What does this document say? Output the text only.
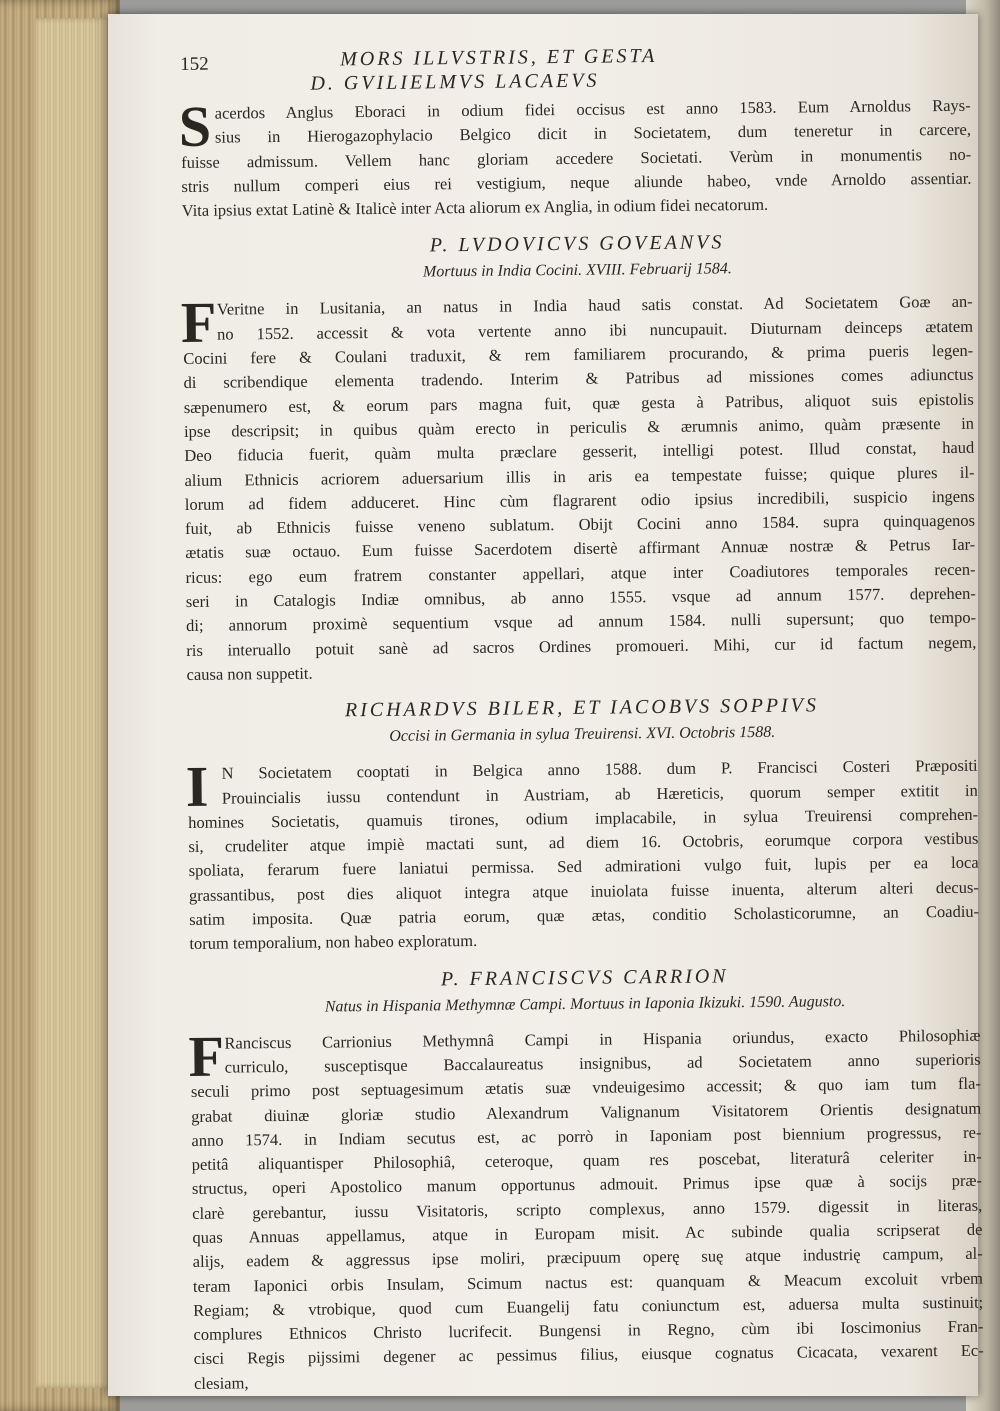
152	MORS ILLVSTRIS, ET GESTA
D. GVILIELMVS LACAEVS
S acerdos Anglus Eboraci in odium fidei occisus est anno 1583. Eum Arnoldus Rays-
sius in Hierogazophylacio Belgico dicit in Societatem, dum teneretur in carcere,
fuisse admissum. Vellem hanc gloriam accedere Societati. Verùm in monumentis no-
stris nullum comperi eius rei vestigium, neque aliunde habeo, vnde Arnoldo assentiar.
Vita ipsius extat Latinè & Italicè inter Acta aliorum ex Anglia, in odium fidei necatorum.
P. LVDOVICVS GOVEANVS
Mortuus in India Cocini. XVIII. Februarij 1584.
F Veritne in Lusitania, an natus in India haud satis constat. Ad Societatem Goæ an-
no 1552. accessit & vota vertente anno ibi nuncupauit. Diuturnam deinceps ætatem
Cocini fere & Coulani traduxit, & rem familiarem procurando, & prima pueris legen-
di scribendique elementa tradendo. Interim & Patribus ad missiones comes adiunctus
sæpenumero est, & eorum pars magna fuit, quæ gesta à Patribus, aliquot suis epistolis
ipse descripsit; in quibus quàm erecto in periculis & ærumnis animo, quàm præsente in
Deo fiducia fuerit, quàm multa præclare gesserit, intelligi potest. Illud constat, haud
alium Ethnicis acriorem aduersarium illis in aris ea tempestate fuisse; quique plures il-
lorum ad fidem adduceret. Hinc cùm flagrarent odio ipsius incredibili, suspicio ingens
fuit, ab Ethnicis fuisse veneno sublatum. Obijt Cocini anno 1584. supra quinquagenos
ætatis suæ octauo. Eum fuisse Sacerdotem disertè affirmant Annuæ nostræ & Petrus Iar-
ricus: ego eum fratrem constanter appellari, atque inter Coadiutores temporales recen-
seri in Catalogis Indiæ omnibus, ab anno 1555. vsque ad annum 1577. deprehen-
di; annorum proximè sequentium vsque ad annum 1584. nulli supersunt; quo tempo-
ris interuallo potuit sanè ad sacros Ordines promoueri. Mihi, cur id factum negem,
causa non suppetit.
RICHARDVS BILER, ET IACOBVS SOPPIVS
Occisi in Germania in sylua Treuirensi. XVI. Octobris 1588.
I N Societatem cooptati in Belgica anno 1588. dum P. Francisci Costeri Præpositi
Prouincialis iussu contendunt in Austriam, ab Hæreticis, quorum semper extitit in
homines Societatis, quamuis tirones, odium implacabile, in sylua Treuirensi comprehen-
si, crudeliter atque impiè mactati sunt, ad diem 16. Octobris, eorumque corpora vestibus
spoliata, ferarum fuere laniatui permissa. Sed admirationi vulgo fuit, lupis per ea loca
grassantibus, post dies aliquot integra atque inuiolata fuisse inuenta, alterum alteri decus-
satim imposita. Quæ patria eorum, quæ ætas, conditio Scholasticorumne, an Coadiu-
torum temporalium, non habeo exploratum.
P. FRANCISCVS CARRION
Natus in Hispania Methymnæ Campi. Mortuus in Iaponia Ikizuki. 1590. Augusto.
F Ranciscus Carrionius Methymnâ Campi in Hispania oriundus, exacto Philosophiæ
curriculo, susceptisque Baccalaureatus insignibus, ad Societatem anno superioris
seculi primo post septuagesimum ætatis suæ vndeuigesimo accessit; & quo iam tum fla-
grabat diuinæ gloriæ studio Alexandrum Valignanum Visitatorem Orientis designatum
anno 1574. in Indiam secutus est, ac porrò in Iaponiam post biennium progressus, re-
petitâ aliquantisper Philosophiâ, ceteroque, quam res poscebat, literaturâ celeriter in-
structus, operi Apostolico manum opportunus admouit. Primus ipse quæ à socijs præ-
clarè gerebantur, iussu Visitatoris, scripto complexus, anno 1579. digessit in literas,
quas Annuas appellamus, atque in Europam misit. Ac subinde qualia scripserat de
alijs, eadem & aggressus ipse moliri, præcipuum operę suę atque industrię campum, al-
teram Iaponici orbis Insulam, Scimum nactus est: quanquam & Meacum excoluit vrbem
Regiam; & vtrobique, quod cum Euangelij fatu coniunctum est, aduersa multa sustinuit;
complures Ethnicos Christo lucrifecit. Bungensi in Regno, cùm ibi Ioscimonius Fran-
cisci Regis pijssimi degener ac pessimus filius, eiusque cognatus Cicacata, vexarent Ec-
clesiam,
